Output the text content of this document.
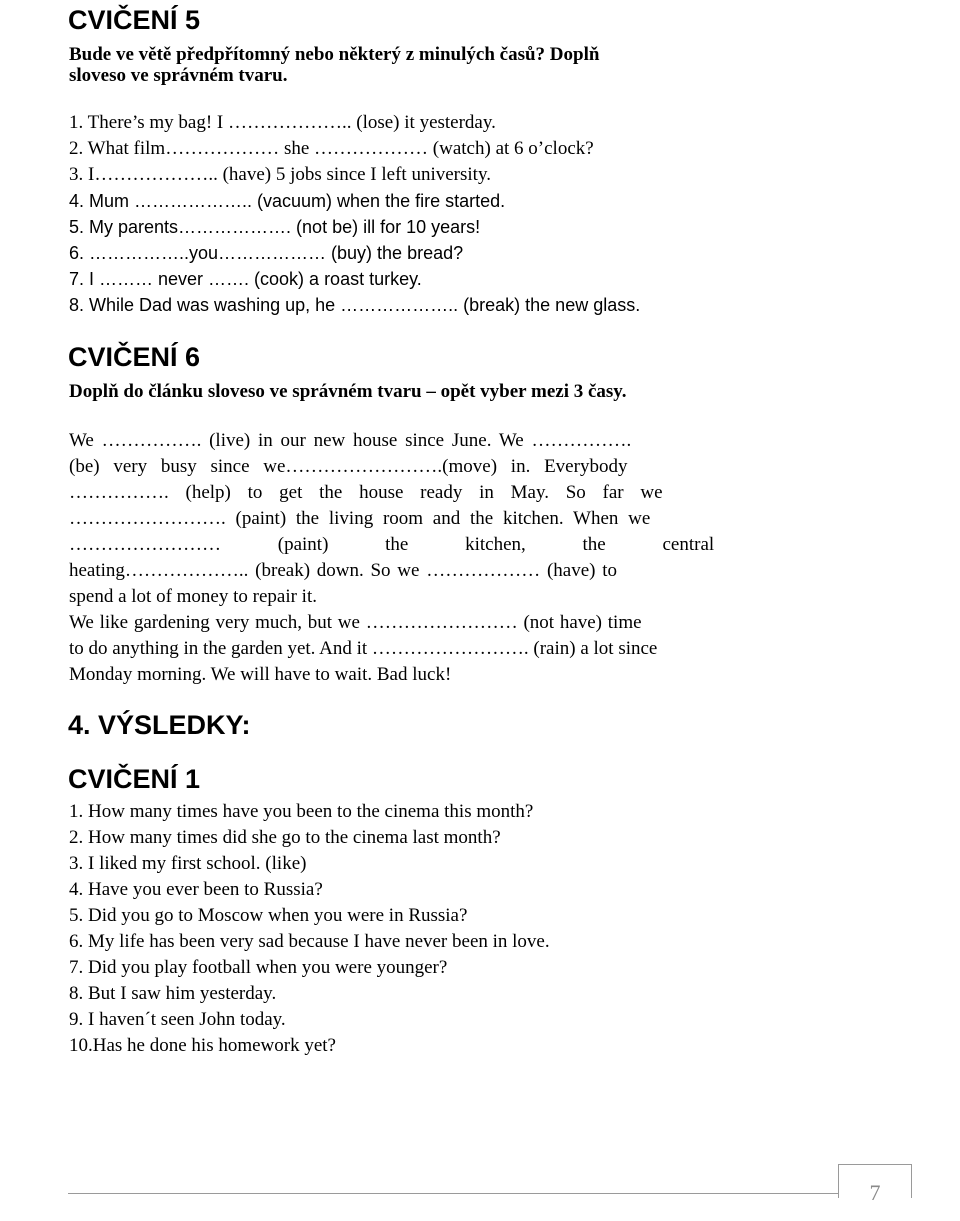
CVIČENÍ 5

Bude ve větě předpřítomný nebo některý z minulých časů? Doplň

sloveso ve správném tvaru.

1. There’s my bag! I ……………….. (lose) it yesterday.
2. What film……………… she ……………… (watch) at 6 o’clock?
3. I……………….. (have) 5 jobs since I left university.
4. Mum ……………….. (vacuum) when the fire started.
5. My parents………………. (not be) ill for 10 years!
6. ……………..you……………… (buy) the bread?
7. I ……… never ……. (cook) a roast turkey.
8. While Dad was washing up, he ……………….. (break) the new glass.
CVIČENÍ 6

Doplň do článku sloveso ve správném tvaru – opět vyber mezi 3 časy.

We ……………. (live) in our new house since June. We …………….
(be) very busy since we…………………….(move) in. Everybody
……………. (help) to get the house ready in May. So far we
……………………. (paint) the living room and the kitchen. When we
…………………… (paint) the kitchen, the central
heating……………….. (break) down. So we ……………… (have) to
spend a lot of money to repair it.
We like gardening very much, but we …………………… (not have) time
to do anything in the garden yet. And it ……………………. (rain) a lot since
Monday morning. We will have to wait. Bad luck!
4. VÝSLEDKY:
CVIČENÍ 1
1. How many times have you been to the cinema this month?
2. How many times did she go to the cinema last month?
3. I liked my first school. (like)
4. Have you ever been to Russia?
5. Did you go to Moscow when you were in Russia?
6. My life has been very sad because I have never been in love.
7. Did you play football when you were younger?
8. But I saw him yesterday.
9. I haven´t seen John today.
10.Has he done his homework yet?
7
